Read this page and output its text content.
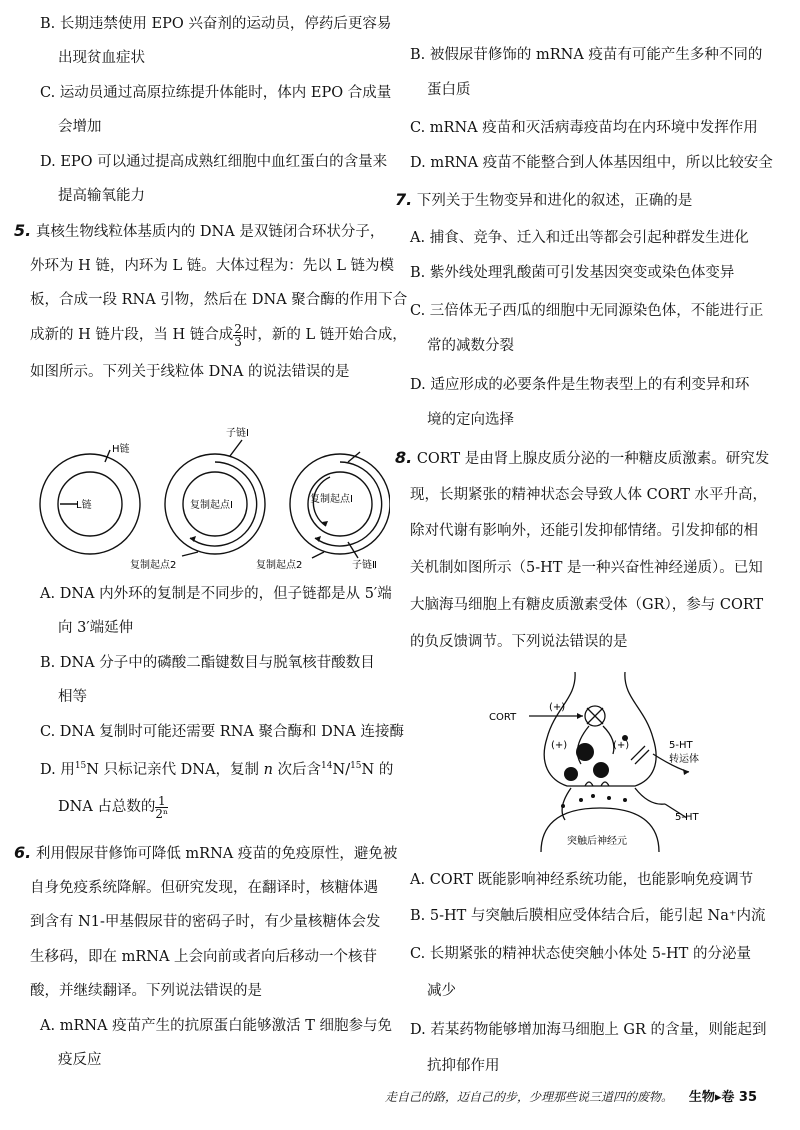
B. 长期违禁使用 EPO 兴奋剂的运动员，停药后更容易
出现贫血症状
C. 运动员通过高原拉练提升体能时，体内 EPO 合成量
会增加
D. EPO 可以通过提高成熟红细胞中血红蛋白的含量来
提高输氧能力
5. 真核生物线粒体基质内的 DNA 是双链闭合环状分子，
外环为 H 链，内环为 L 链。大体过程为：先以 L 链为模
板，合成一段 RNA 引物，然后在 DNA 聚合酶的作用下合
成新的 H 链片段，当 H 链合成 $\frac{2}{3}$ 时，新的 L 链开始合成，
如图所示。下列关于线粒体 DNA 的说法错误的是
H链
L链
子链Ⅰ
复制起点Ⅰ
复制起点2
复制起点Ⅰ
复制起点2	子链Ⅱ
A. DNA 内外环的复制是不同步的，但子链都是从 5′端
向 3′端延伸
B. DNA 分子中的磷酸二酯键数目与脱氧核苷酸数目
相等
C. DNA 复制时可能还需要 RNA 聚合酶和 DNA 连接酶
D. 用$^{15}$N 只标记亲代 DNA，复制 n 次后含$^{14}$N/$^{15}$N 的
DNA 占总数的 $\frac{1}{\text{2ⁿ}}$
6. 利用假尿苷修饰可降低 mRNA 疫苗的免疫原性，避免被
自身免疫系统降解。但研究发现，在翻译时，核糖体遇
到含有 N1-甲基假尿苷的密码子时，有少量核糖体会发
生移码，即在 mRNA 上会向前或者向后移动一个核苷
酸，并继续翻译。下列说法错误的是
A. mRNA 疫苗产生的抗原蛋白能够激活 T 细胞参与免
疫反应
B. 被假尿苷修饰的 mRNA 疫苗有可能产生多种不同的
蛋白质
C. mRNA 疫苗和灭活病毒疫苗均在内环境中发挥作用
D. mRNA 疫苗不能整合到人体基因组中，所以比较安全
7. 下列关于生物变异和进化的叙述，正确的是
A. 捕食、竞争、迁入和迁出等都会引起种群发生进化
B. 紫外线处理乳酸菌可引发基因突变或染色体变异
C. 三倍体无子西瓜的细胞中无同源染色体，不能进行正
常的减数分裂
D. 适应形成的必要条件是生物表型上的有利变异和环
境的定向选择
8. CORT 是由肾上腺皮质分泌的一种糖皮质激素。研究发
现，长期紧张的精神状态会导致人体 CORT 水平升高，
除对代谢有影响外，还能引发抑郁情绪。引发抑郁的相
关机制如图所示（5-HT 是一种兴奋性神经递质）。已知
大脑海马细胞上有糖皮质激素受体（GR），参与 CORT
的负反馈调节。下列说法错误的是
CORT
(+)
(+)	(+)	5-HT
转运体
5-HT
突触后神经元
A. CORT 既能影响神经系统功能，也能影响免疫调节
B. 5-HT 与突触后膜相应受体结合后，能引起 Na⁺内流
C. 长期紧张的精神状态使突触小体处 5-HT 的分泌量
减少
D. 若某药物能够增加海马细胞上 GR 的含量，则能起到
抗抑郁作用
走自己的路，迈自己的步，少理那些说三道四的废物。 生物▸卷 35
